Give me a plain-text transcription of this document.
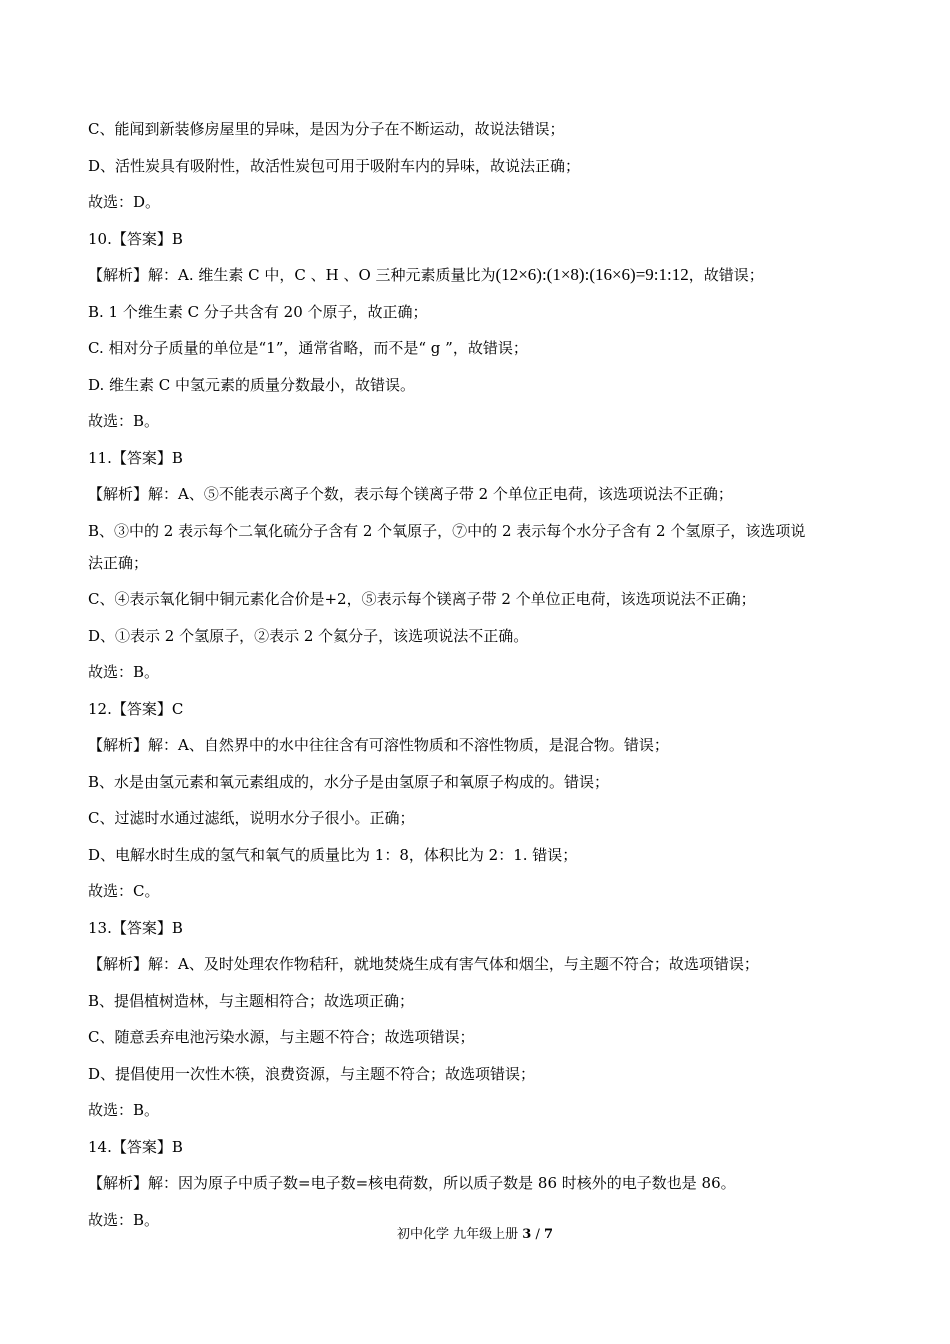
C、能闻到新装修房屋里的异味，是因为分子在不断运动，故说法错误；
D、活性炭具有吸附性，故活性炭包可用于吸附车内的异味，故说法正确；
故选：D。
10.【答案】B
【解析】解：A. 维生素 C 中，C 、H 、O 三种元素质量比为(12×6):(1×8):(16×6)=9:1:12，故错误；
B. 1 个维生素 C 分子共含有 20 个原子，故正确；
C. 相对分子质量的单位是“1”，通常省略，而不是“ g ”，故错误；
D. 维生素 C 中氢元素的质量分数最小，故错误。
故选：B。
11.【答案】B
【解析】解：A、⑤不能表示离子个数，表示每个镁离子带 2 个单位正电荷，该选项说法不正确；
B、③中的 2 表示每个二氧化硫分子含有 2 个氧原子，⑦中的 2 表示每个水分子含有 2 个氢原子，该选项说
法正确；
C、④表示氧化铜中铜元素化合价是+2，⑤表示每个镁离子带 2 个单位正电荷，该选项说法不正确；
D、①表示 2 个氢原子，②表示 2 个氦分子，该选项说法不正确。
故选：B。
12.【答案】C
【解析】解：A、自然界中的水中往往含有可溶性物质和不溶性物质，是混合物。错误；
B、水是由氢元素和氧元素组成的，水分子是由氢原子和氧原子构成的。错误；
C、过滤时水通过滤纸，说明水分子很小。正确；
D、电解水时生成的氢气和氧气的质量比为 1：8，体积比为 2：1. 错误；
故选：C。
13.【答案】B
【解析】解：A、及时处理农作物秸秆，就地焚烧生成有害气体和烟尘，与主题不符合；故选项错误；
B、提倡植树造林，与主题相符合；故选项正确；
C、随意丢弃电池污染水源，与主题不符合；故选项错误；
D、提倡使用一次性木筷，浪费资源，与主题不符合；故选项错误；
故选：B。
14.【答案】B
【解析】解：因为原子中质子数=电子数=核电荷数，所以质子数是 86 时核外的电子数也是 86。
故选：B。
初中化学 九年级上册 3 / 7
